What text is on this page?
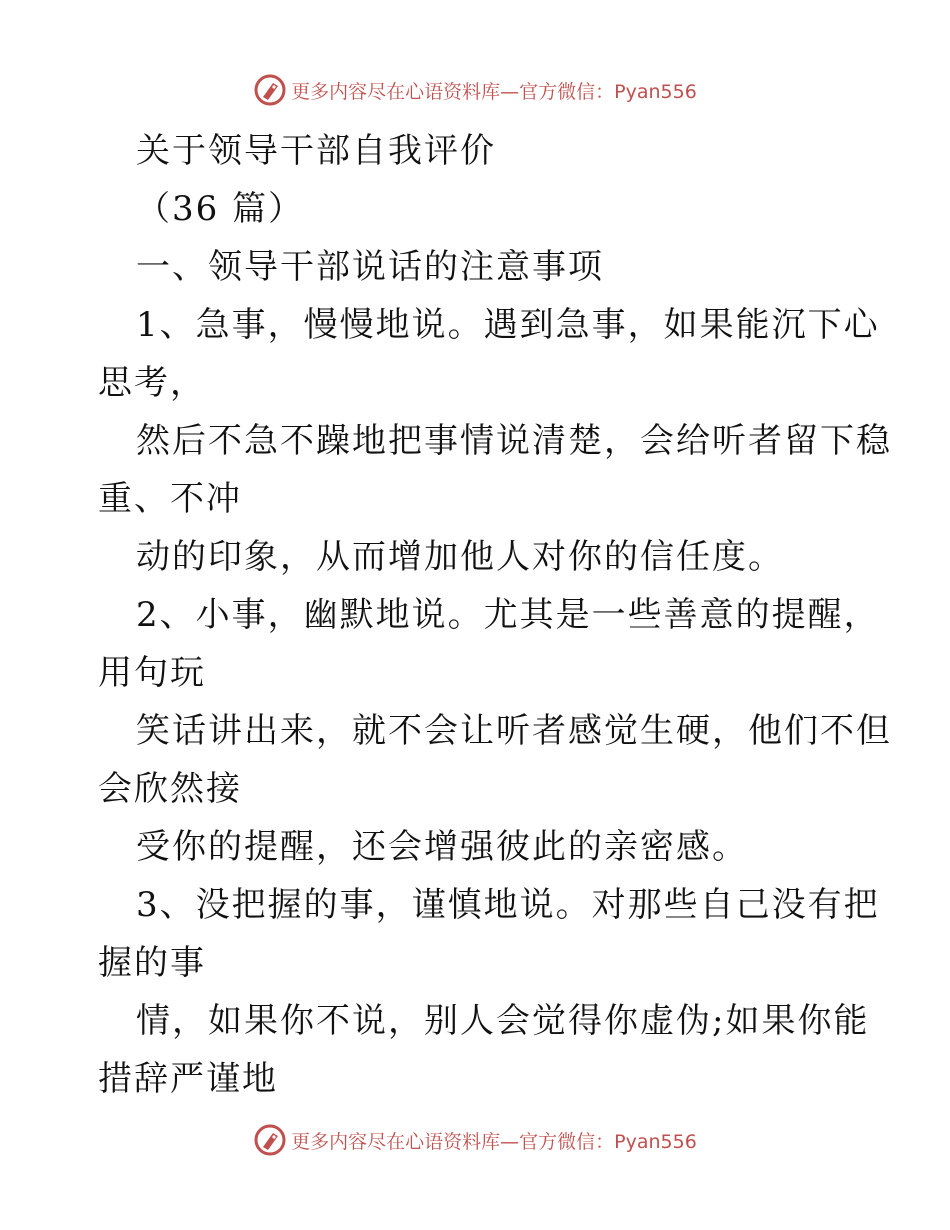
更多内容尽在心语资料库—官方微信：Pyan556
关于领导干部自我评价
（36 篇）
一、领导干部说话的注意事项
1、急事，慢慢地说。遇到急事，如果能沉下心
思考，
然后不急不躁地把事情说清楚，会给听者留下稳
重、不冲
动的印象，从而增加他人对你的信任度。
2、小事，幽默地说。尤其是一些善意的提醒，
用句玩
笑话讲出来，就不会让听者感觉生硬，他们不但
会欣然接
受你的提醒，还会增强彼此的亲密感。
3、没把握的事，谨慎地说。对那些自己没有把
握的事
情，如果你不说，别人会觉得你虚伪;如果你能
措辞严谨地
更多内容尽在心语资料库—官方微信：Pyan556
